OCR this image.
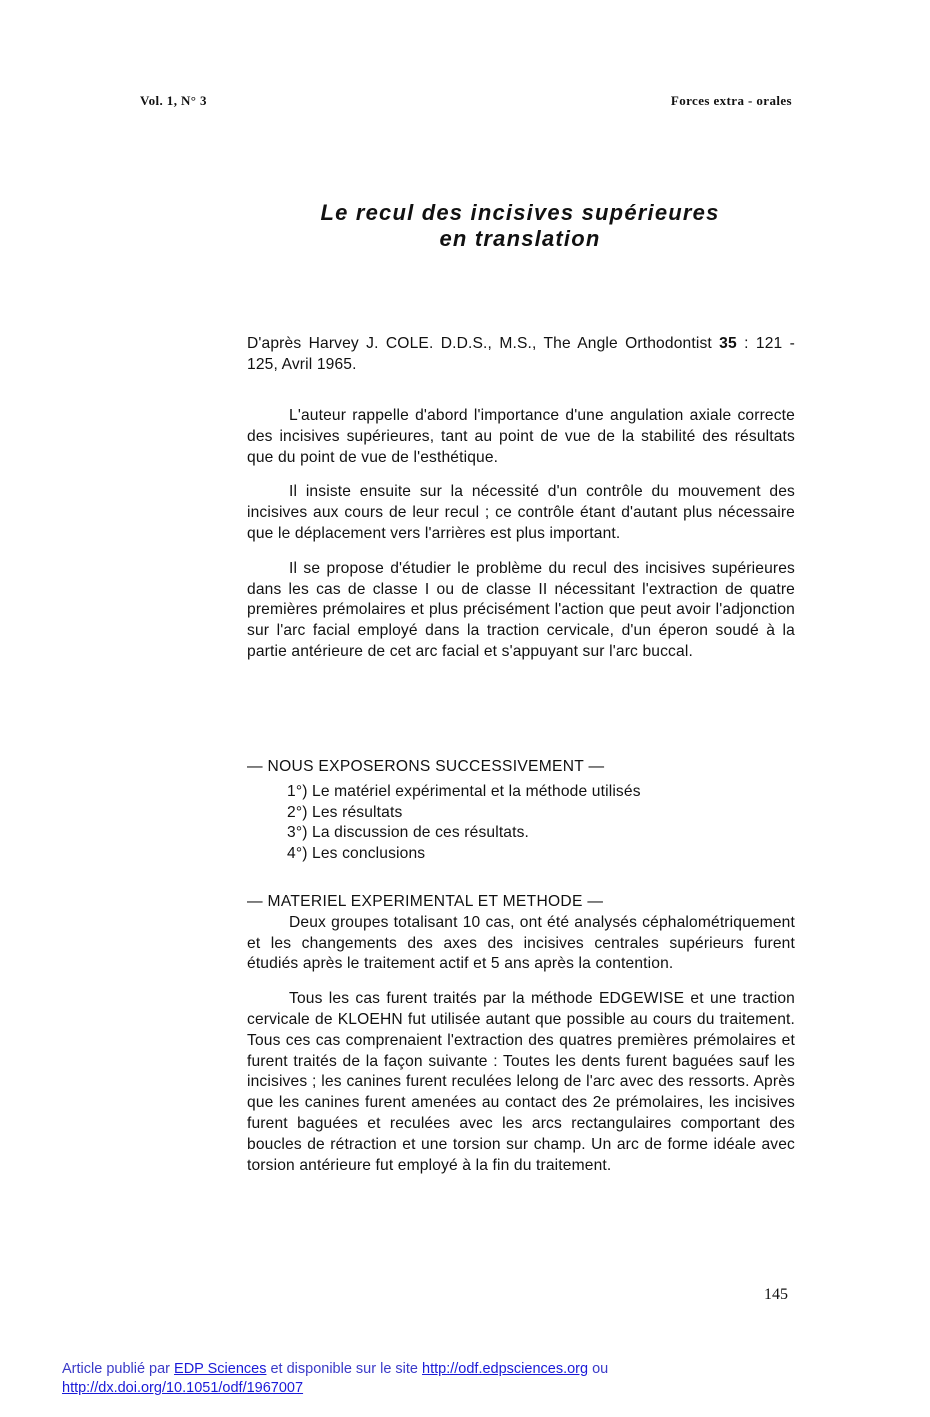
Vol. 1, N° 3	Forces extra - orales
Le recul des incisives supérieures
en translation

D'après Harvey J. COLE. D.D.S., M.S., The Angle Orthodontist 35 : 121 - 125, Avril 1965.

L'auteur rappelle d'abord l'importance d'une angulation axiale correcte des incisives supérieures, tant au point de vue de la stabilité des résultats que du point de vue de l'esthétique.

Il insiste ensuite sur la nécessité d'un contrôle du mouvement des incisives aux cours de leur recul ; ce contrôle étant d'autant plus nécessaire que le déplacement vers l'arrières est plus important.

Il se propose d'étudier le problème du recul des incisives supérieures dans les cas de classe I ou de classe II nécessitant l'extraction de quatre premières prémolaires et plus précisément l'action que peut avoir l'adjonction sur l'arc facial employé dans la traction cervicale, d'un éperon soudé à la partie antérieure de cet arc facial et s'appuyant sur l'arc buccal.

— NOUS EXPOSERONS SUCCESSIVEMENT —

1°) Le matériel expérimental et la méthode utilisés
2°) Les résultats
3°) La discussion de ces résultats.
4°) Les conclusions

— MATERIEL EXPERIMENTAL ET METHODE —

Deux groupes totalisant 10 cas, ont été analysés céphalométriquement et les changements des axes des incisives centrales supérieurs furent étudiés après le traitement actif et 5 ans après la contention.

Tous les cas furent traités par la méthode EDGEWISE et une traction cervicale de KLOEHN fut utilisée autant que possible au cours du traitement. Tous ces cas comprenaient l'extraction des quatres premières prémolaires et furent traités de la façon suivante : Toutes les dents furent baguées sauf les incisives ; les canines furent reculées lelong de l'arc avec des ressorts. Après que les canines furent amenées au contact des 2e prémolaires, les incisives furent baguées et reculées avec les arcs rectangulaires comportant des boucles de rétraction et une torsion sur champ. Un arc de forme idéale avec torsion antérieure fut employé à la fin du traitement.

145
Article publié par EDP Sciences et disponible sur le site http://odf.edpsciences.org ou
http://dx.doi.org/10.1051/odf/1967007
